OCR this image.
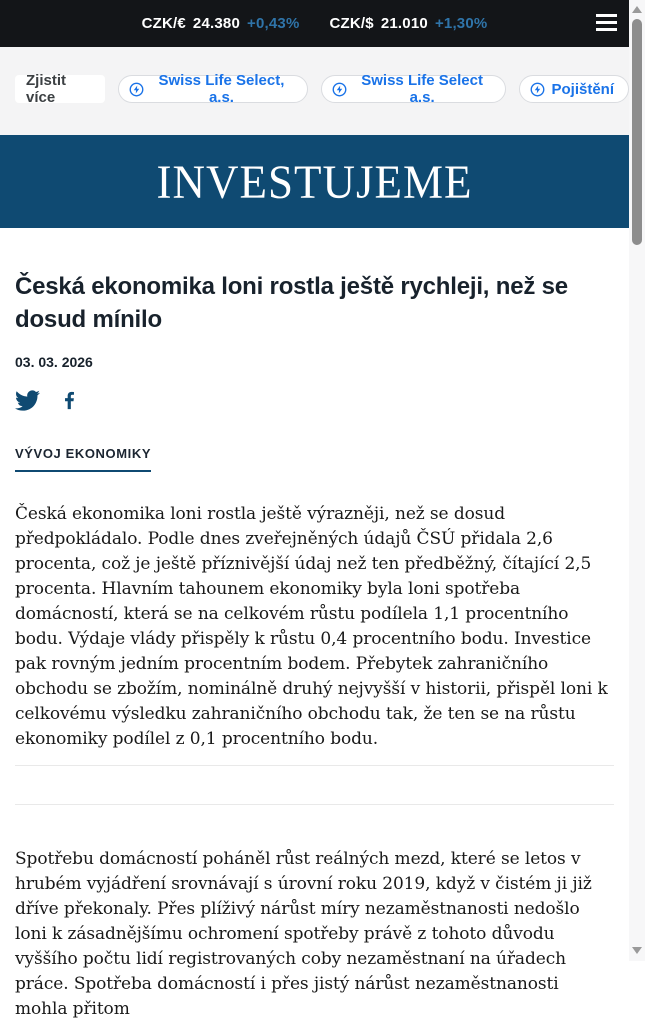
CZK/€ 24.380 +0,43% CZK/$ 21.010 +1,30%
Zjistit více
Swiss Life Select, a.s.
Swiss Life Select a.s.	Pojištění
INVESTUJEME
Česká ekonomika loni rostla ještě rychleji, než se dosud mínilo
03. 03. 2026
VÝVOJ EKONOMIKY

Česká ekonomika loni rostla ještě výrazněji, než se dosud předpokládalo. Podle dnes zveřejněných údajů ČSÚ přidala 2,6 procenta, což je ještě příznivější údaj než ten předběžný, čítající 2,5 procenta. Hlavním tahounem ekonomiky byla loni spotřeba domácností, která se na celkovém růstu podílela 1,1 procentního bodu. Výdaje vlády přispěly k růstu 0,4 procentního bodu. Investice pak rovným jedním procentním bodem. Přebytek zahraničního obchodu se zbožím, nominálně druhý nejvyšší v historii, přispěl loni k celkovému výsledku zahraničního obchodu tak, že ten se na růstu ekonomiky podílel z 0,1 procentního bodu.

Spotřebu domácností poháněl růst reálných mezd, které se letos v hrubém vyjádření srovnávají s úrovní roku 2019, když v čistém ji již dříve překonaly. Přes plíživý nárůst míry nezaměstnanosti nedošlo loni k zásadnějšímu ochromení spotřeby právě z tohoto důvodu vyššího počtu lidí registrovaných coby nezaměstnaní na úřadech práce. Spotřeba domácností i přes jistý nárůst nezaměstnanosti mohla přitom
